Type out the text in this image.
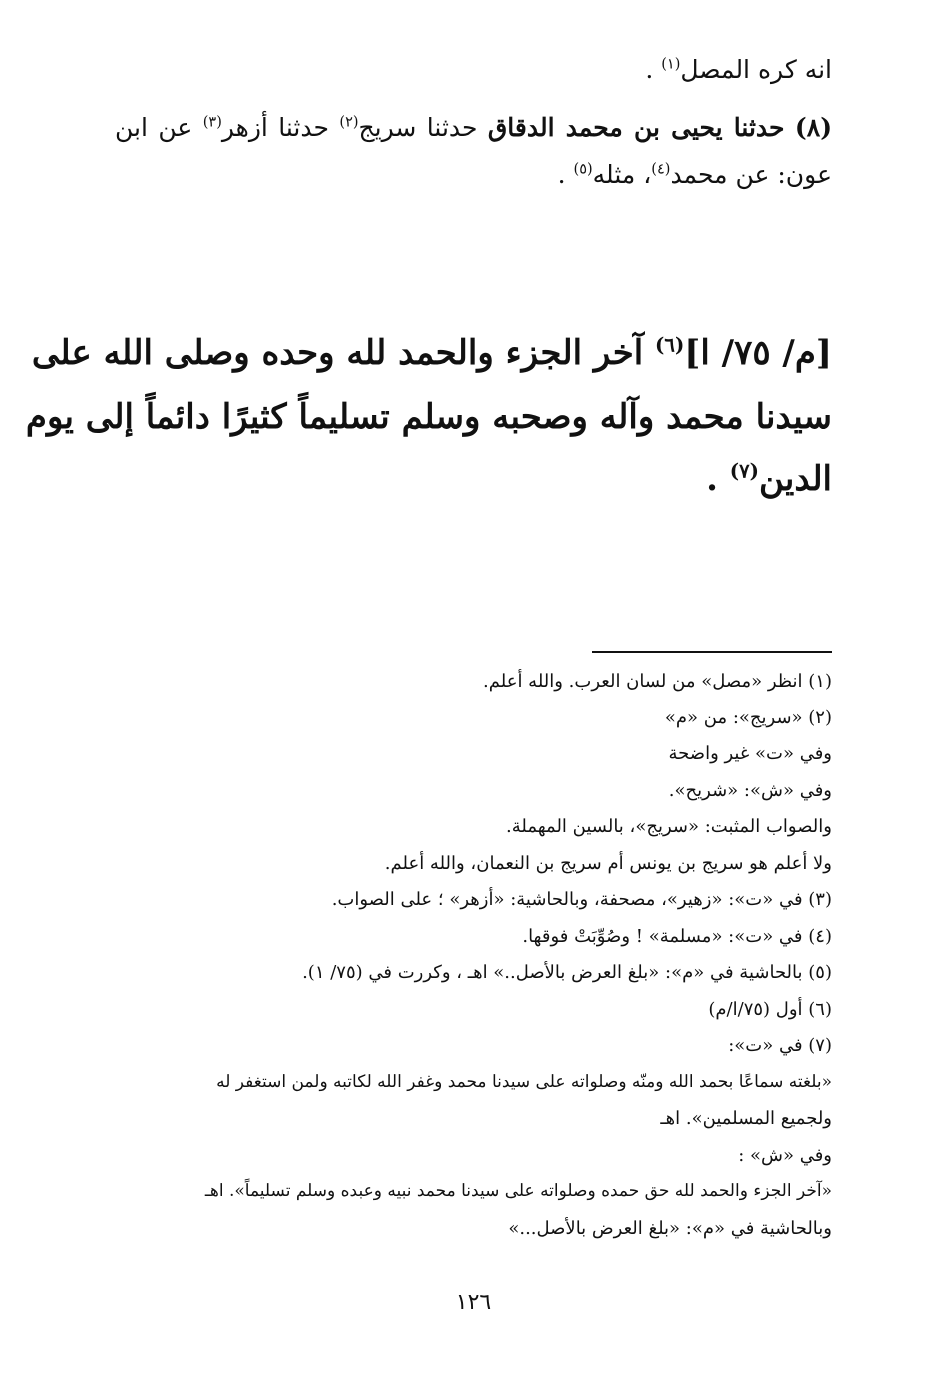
انه كره المصل$^{(١)}$ .
(٨) حدثنا يحيى بن محمد الدقاق حدثنا سريج$^{(٢)}$ حدثنا أزهر$^{(٣)}$ عن ابن
عون: عن محمد$^{(٤)}$، مثله$^{(٥)}$ .
[م/ ٧٥/ ا]$^{(٦)}$ آخر الجزء والحمد لله وحده وصلى الله على
سيدنا محمد وآله وصحبه وسلم تسليماً كثيرًا دائماً إلى يوم
الدين$^{(٧)}$ .
(١) انظر «مصل» من لسان العرب. والله أعلم.
(٢) «سريج»: من «م»
وفي «ت» غير واضحة
وفي «ش»: «شريح».
والصواب المثبت: «سريج»، بالسين المهملة.
ولا أعلم هو سريج بن يونس أم سريج بن النعمان، والله أعلم.
(٣) في «ت»: «زهير»، مصحفة، وبالحاشية: «أزهر» ؛ على الصواب.
(٤) في «ت»: «مسلمة» ! وصُوِّبَتْ فوقها.
(٥) بالحاشية في «م»: «بلغ العرض بالأصل..» اهـ ، وكررت في (٧٥/ ١).
(٦) أول (٧٥/ا/م)
(٧) في «ت»:
«بلغته سماعًا بحمد الله ومنّه وصلواته على سيدنا محمد وغفر الله لكاتبه ولمن استغفر له
ولجميع المسلمين». اهـ
وفي «ش» :
«آخر الجزء والحمد لله حق حمده وصلواته على سيدنا محمد نبيه وعبده وسلم تسليماً». اهـ
وبالحاشية في «م»: «بلغ العرض بالأصل...»
١٢٦
